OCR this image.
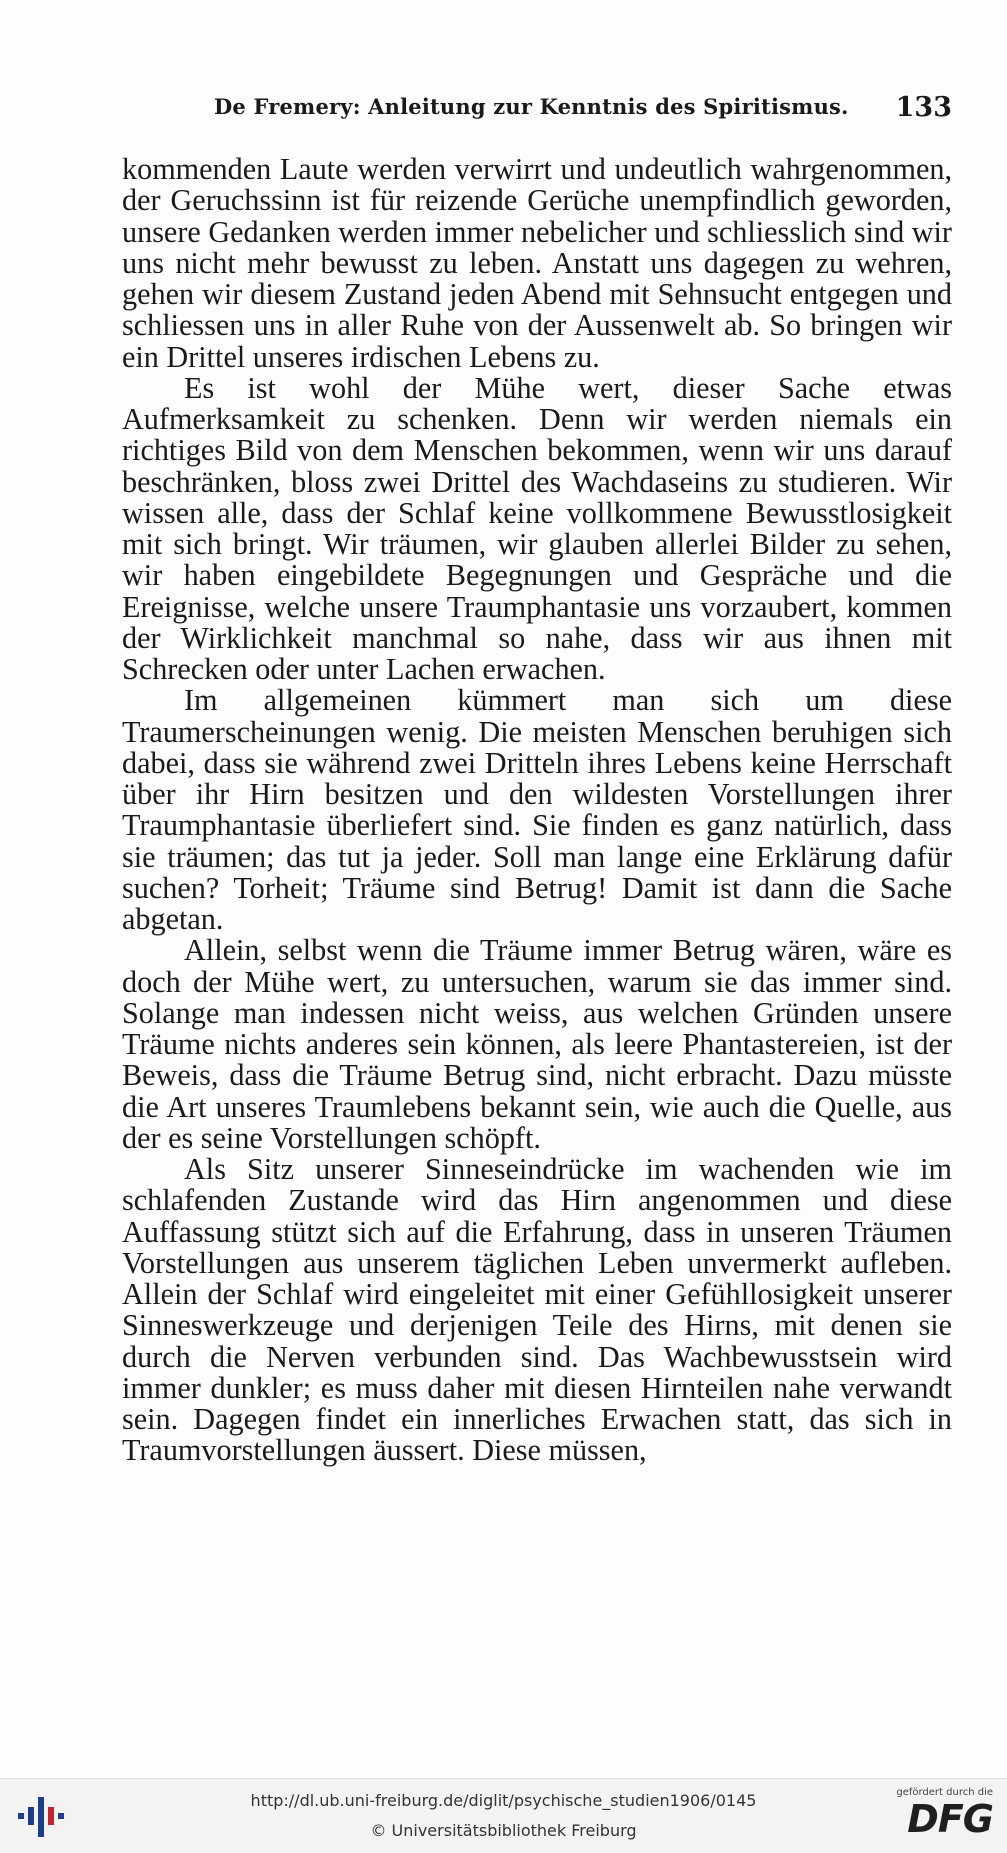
De Fremery: Anleitung zur Kenntnis des Spiritismus. 133

kommenden Laute werden verwirrt und undeutlich wahrgenommen, der Geruchssinn ist für reizende Gerüche unempfindlich geworden, unsere Gedanken werden immer nebelicher und schliesslich sind wir uns nicht mehr bewusst zu leben. Anstatt uns dagegen zu wehren, gehen wir diesem Zustand jeden Abend mit Sehnsucht entgegen und schliessen uns in aller Ruhe von der Aussenwelt ab. So bringen wir ein Drittel unseres irdischen Lebens zu.

Es ist wohl der Mühe wert, dieser Sache etwas Aufmerksamkeit zu schenken. Denn wir werden niemals ein richtiges Bild von dem Menschen bekommen, wenn wir uns darauf beschränken, bloss zwei Drittel des Wachdaseins zu studieren. Wir wissen alle, dass der Schlaf keine vollkommene Bewusstlosigkeit mit sich bringt. Wir träumen, wir glauben allerlei Bilder zu sehen, wir haben eingebildete Begegnungen und Gespräche und die Ereignisse, welche unsere Traumphantasie uns vorzaubert, kommen der Wirklichkeit manchmal so nahe, dass wir aus ihnen mit Schrecken oder unter Lachen erwachen.

Im allgemeinen kümmert man sich um diese Traumerscheinungen wenig. Die meisten Menschen beruhigen sich dabei, dass sie während zwei Dritteln ihres Lebens keine Herrschaft über ihr Hirn besitzen und den wildesten Vorstellungen ihrer Traumphantasie überliefert sind. Sie finden es ganz natürlich, dass sie träumen; das tut ja jeder. Soll man lange eine Erklärung dafür suchen? Torheit; Träume sind Betrug! Damit ist dann die Sache abgetan.

Allein, selbst wenn die Träume immer Betrug wären, wäre es doch der Mühe wert, zu untersuchen, warum sie das immer sind. Solange man indessen nicht weiss, aus welchen Gründen unsere Träume nichts anderes sein können, als leere Phantastereien, ist der Beweis, dass die Träume Betrug sind, nicht erbracht. Dazu müsste die Art unseres Traumlebens bekannt sein, wie auch die Quelle, aus der es seine Vorstellungen schöpft.

Als Sitz unserer Sinneseindrücke im wachenden wie im schlafenden Zustande wird das Hirn angenommen und diese Auffassung stützt sich auf die Erfahrung, dass in unseren Träumen Vorstellungen aus unserem täglichen Leben unvermerkt aufleben. Allein der Schlaf wird eingeleitet mit einer Gefühllosigkeit unserer Sinneswerkzeuge und derjenigen Teile des Hirns, mit denen sie durch die Nerven verbunden sind. Das Wachbewusstsein wird immer dunkler; es muss daher mit diesen Hirnteilen nahe verwandt sein. Dagegen findet ein innerliches Erwachen statt, das sich in Traumvorstellungen äussert. Diese müssen,

http://dl.ub.uni-freiburg.de/diglit/psychische_studien1906/0145
© Universitätsbibliothek Freiburg
gefördert durch die
DFG
